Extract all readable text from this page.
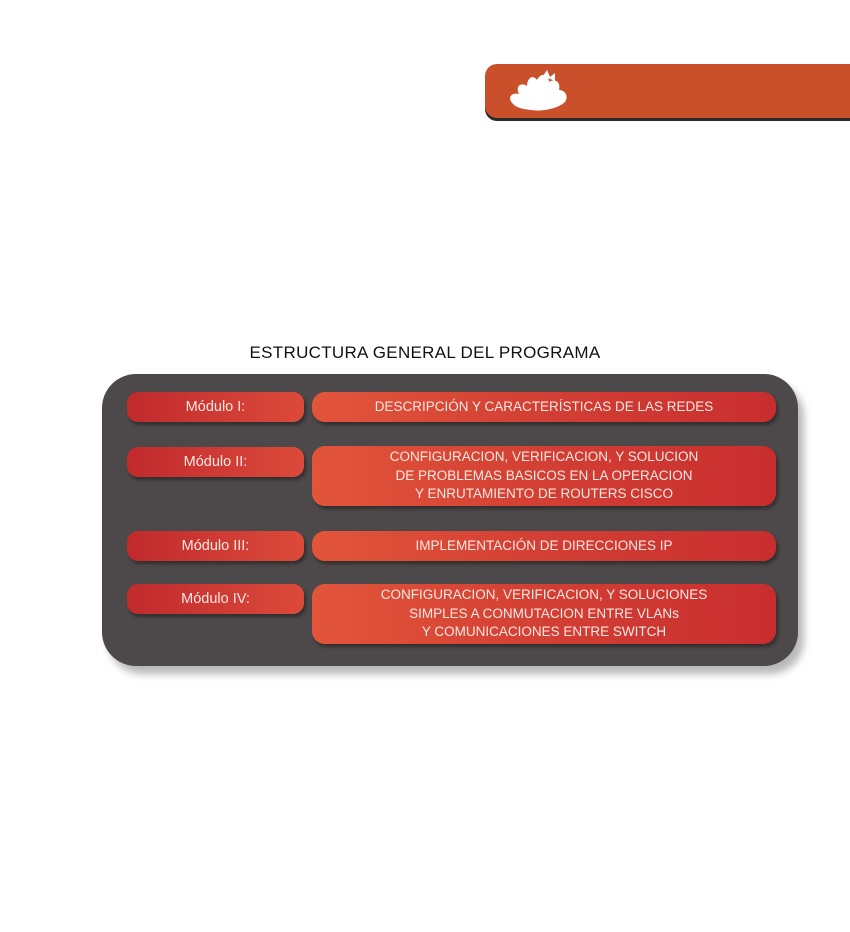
ESTRUCTURA GENERAL DEL PROGRAMA
Módulo I:	DESCRIPCIÓN Y CARACTERÍSTICAS DE LAS REDES
Módulo II:	CONFIGURACION, VERIFICACION, Y SOLUCION
DE PROBLEMAS BASICOS EN LA OPERACION
Y ENRUTAMIENTO DE ROUTERS CISCO
Módulo III:	IMPLEMENTACIÓN DE DIRECCIONES IP
Módulo IV:	CONFIGURACION, VERIFICACION, Y SOLUCIONES
SIMPLES A CONMUTACION ENTRE VLANs
Y COMUNICACIONES ENTRE SWITCH
